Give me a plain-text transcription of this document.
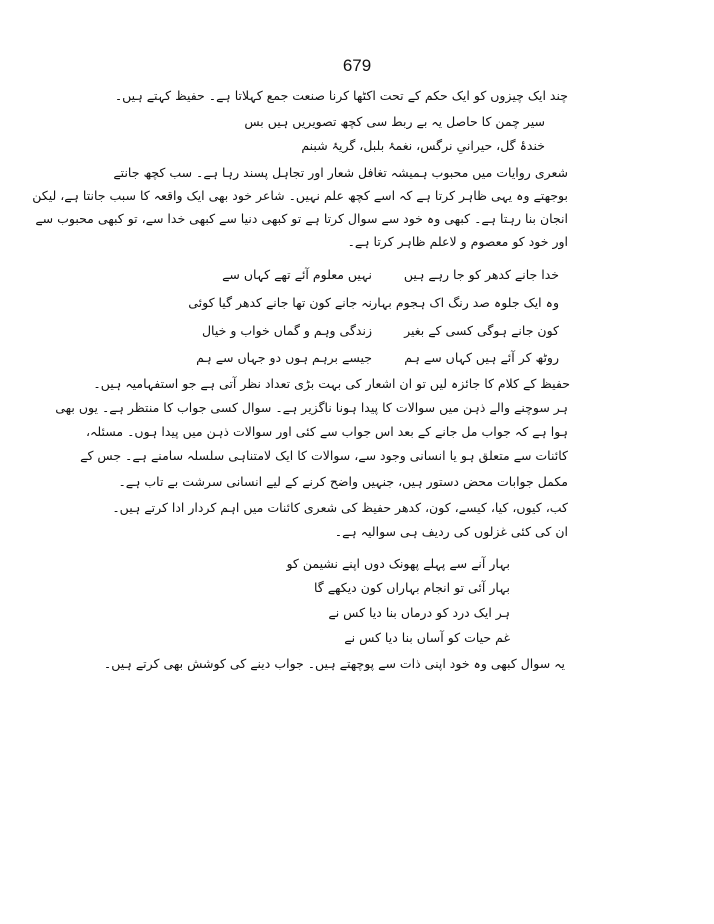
679
چند ایک چیزوں کو ایک حکم کے تحت اکٹھا کرنا صنعت جمع کہلاتا ہے۔ حفیظ کہتے ہیں۔
سیر چمن کا حاصل یہ بے ربط سی کچھ تصویریں ہیں بس
خندۂ گل، حیرانیِ نرگس، نغمۂ بلبل، گریۂ شبنم
شعری روایات میں محبوب ہمیشہ تغافل شعار اور تجاہل پسند رہا ہے۔ سب کچھ جانتے
بوجھتے وہ یہی ظاہر کرتا ہے کہ اسے کچھ علم نہیں۔ شاعر خود بھی ایک واقعہ کا سبب جانتا ہے، لیکن
انجان بنا رہتا ہے۔ کبھی وہ خود سے سوال کرتا ہے تو کبھی دنیا سے کبھی خدا سے، تو کبھی محبوب سے
اور خود کو معصوم و لاعلم ظاہر کرتا ہے۔
خدا جانے کدھر کو جا رہے ہیں
نہیں معلوم آئے تھے کہاں سے
وہ ایک جلوہ صد رنگ اک ہجوم بہار
نہ جانے کون تھا جانے کدھر گیا کوئی
کون جانے ہوگی کسی کے بغیر
زندگی وہم و گماں خواب و خیال
روٹھ کر آئے ہیں کہاں سے ہم
جیسے برہم ہوں دو جہاں سے ہم
حفیظ کے کلام کا جائزہ لیں تو ان اشعار کی بہت بڑی تعداد نظر آتی ہے جو استفہامیہ ہیں۔
ہر سوچنے والے ذہن میں سوالات کا پیدا ہونا ناگزیر ہے۔ سوال کسی جواب کا منتظر ہے۔ یوں بھی
ہوا ہے کہ جواب مل جانے کے بعد اس جواب سے کئی اور سوالات ذہن میں پیدا ہوں۔ مسئلہ،
کائنات سے متعلق ہو یا انسانی وجود سے، سوالات کا ایک لامتناہی سلسلہ سامنے ہے۔ جس کے
مکمل جوابات محض دستور ہیں، جنہیں واضح کرنے کے لیے انسانی سرشت بے تاب ہے۔
کب، کیوں، کیا، کیسے، کون، کدھر حفیظ کی شعری کائنات میں اہم کردار ادا کرتے ہیں۔
ان کی کئی غزلوں کی ردیف ہی سوالیہ ہے۔
بہار آنے سے پہلے پھونک دوں اپنے نشیمن کو
بہار آئی تو انجام بہاراں کون دیکھے گا
ہر ایک درد کو درماں بنا دیا کس نے
غم حیات کو آساں بنا دیا کس نے
یہ سوال کبھی وہ خود اپنی ذات سے پوچھتے ہیں۔ جواب دینے کی کوشش بھی کرتے ہیں۔
